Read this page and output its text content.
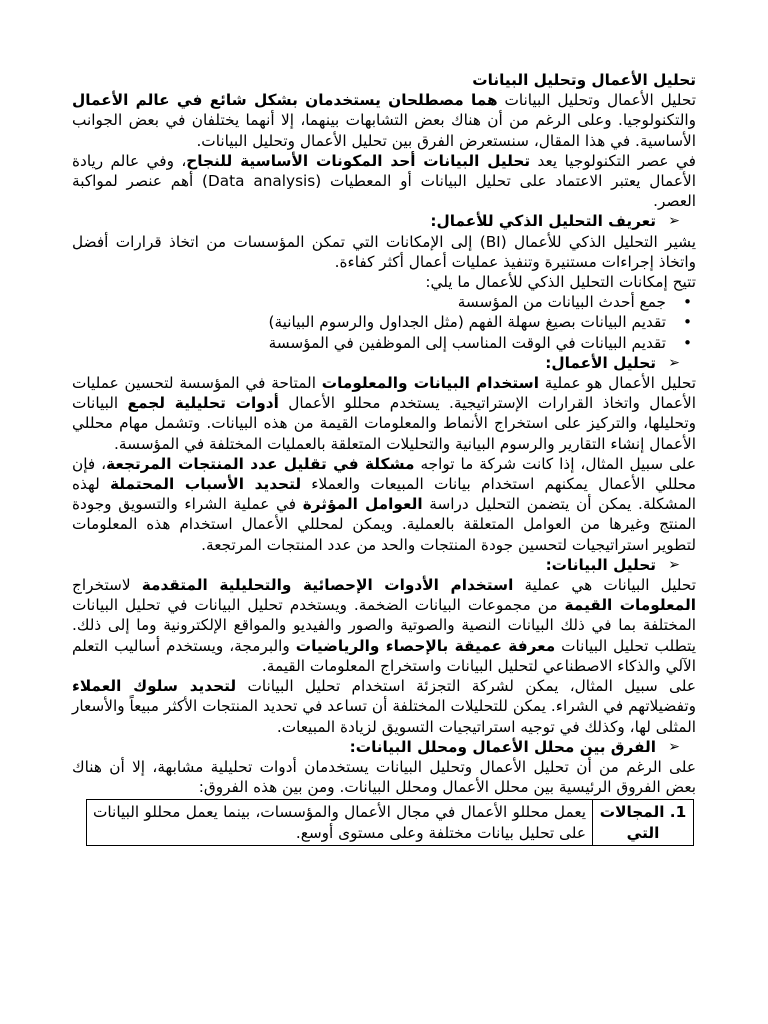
تحليل الأعمال وتحليل البيانات

تحليل الأعمال وتحليل البيانات هما مصطلحان يستخدمان بشكل شائع في عالم الأعمال والتكنولوجيا. وعلى الرغم من أن هناك بعض التشابهات بينهما، إلا أنهما يختلفان في بعض الجوانب الأساسية. في هذا المقال، سنستعرض الفرق بين تحليل الأعمال وتحليل البيانات.

في عصر التكنولوجيا يعد تحليل البيانات أحد المكونات الأساسية للنجاح، وفي عالم ريادة الأعمال يعتبر الاعتماد على تحليل البيانات أو المعطيات (Data analysis) أهم عنصر لمواكبة العصر.

➢
تعريف التحليل الذكي للأعمال:

يشير التحليل الذكي للأعمال (BI) إلى الإمكانات التي تمكن المؤسسات من اتخاذ قرارات أفضل واتخاذ إجراءات مستنيرة وتنفيذ عمليات أعمال أكثر كفاءة.

تتيح إمكانات التحليل الذكي للأعمال ما يلي:

• جمع أحدث البيانات من المؤسسة
• تقديم البيانات بصيغ سهلة الفهم (مثل الجداول والرسوم البيانية)
• تقديم البيانات في الوقت المناسب إلى الموظفين في المؤسسة

➢
تحليل الأعمال:

تحليل الأعمال هو عملية استخدام البيانات والمعلومات المتاحة في المؤسسة لتحسين عمليات الأعمال واتخاذ القرارات الإستراتيجية. يستخدم محللو الأعمال أدوات تحليلية لجمع البيانات وتحليلها، والتركيز على استخراج الأنماط والمعلومات القيمة من هذه البيانات. وتشمل مهام محللي الأعمال إنشاء التقارير والرسوم البيانية والتحليلات المتعلقة بالعمليات المختلفة في المؤسسة.

على سبيل المثال، إذا كانت شركة ما تواجه مشكلة في تقليل عدد المنتجات المرتجعة، فإن محللي الأعمال يمكنهم استخدام بيانات المبيعات والعملاء لتحديد الأسباب المحتملة لهذه المشكلة. يمكن أن يتضمن التحليل دراسة العوامل المؤثرة في عملية الشراء والتسويق وجودة المنتج وغيرها من العوامل المتعلقة بالعملية. ويمكن لمحللي الأعمال استخدام هذه المعلومات لتطوير استراتيجيات لتحسين جودة المنتجات والحد من عدد المنتجات المرتجعة.

➢
تحليل البيانات:

تحليل البيانات هي عملية استخدام الأدوات الإحصائية والتحليلية المتقدمة لاستخراج المعلومات القيمة من مجموعات البيانات الضخمة. ويستخدم تحليل البيانات في تحليل البيانات المختلفة بما في ذلك البيانات النصية والصوتية والصور والفيديو والمواقع الإلكترونية وما إلى ذلك. يتطلب تحليل البيانات معرفة عميقة بالإحصاء والرياضيات والبرمجة، ويستخدم أساليب التعلم الآلي والذكاء الاصطناعي لتحليل البيانات واستخراج المعلومات القيمة.

على سبيل المثال، يمكن لشركة التجزئة استخدام تحليل البيانات لتحديد سلوك العملاء وتفضيلاتهم في الشراء. يمكن للتحليلات المختلفة أن تساعد في تحديد المنتجات الأكثر مبيعاً والأسعار المثلى لها، وكذلك في توجيه استراتيجيات التسويق لزيادة المبيعات.

➢
الفرق بين محلل الأعمال ومحلل البيانات:

على الرغم من أن تحليل الأعمال وتحليل البيانات يستخدمان أدوات تحليلية مشابهة، إلا أن هناك بعض الفروق الرئيسية بين محلل الأعمال ومحلل البيانات. ومن بين هذه الفروق:

1. المجالات التي	يعمل محللو الأعمال في مجال الأعمال والمؤسسات، بينما يعمل محللو البيانات على تحليل بيانات مختلفة وعلى مستوى أوسع.
